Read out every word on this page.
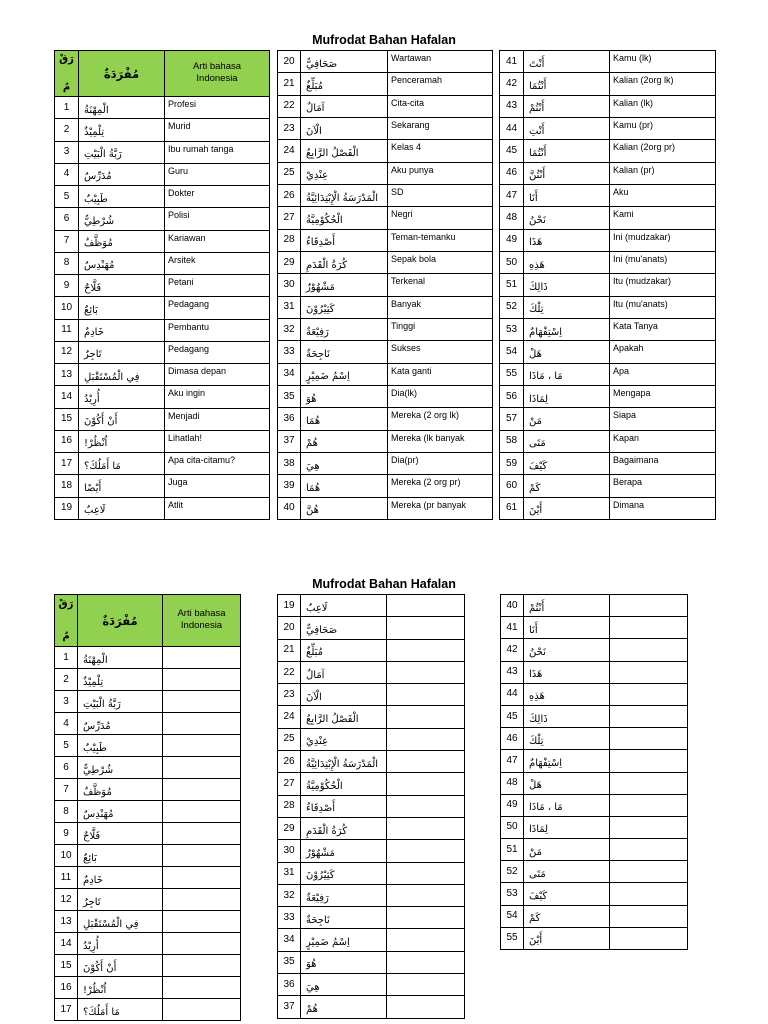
Mufrodat Bahan Hafalan
رَقْ
مٌ	مُفْرَدَةٌ	Arti bahasa Indonesia
1	الْمِهْنَةُ	Profesi
2	تِلْمِيْذٌ	Murid
3	رَبَّةُ الْبَيْتِ	Ibu rumah tanga
4	مُدَرِّسٌ	Guru
5	طَبِيْبٌ	Dokter
6	شُرْطِيٌّ	Polisi
7	مُوَظَّفٌ	Kariawan
8	مُهَنْدِسٌ	Arsitek
9	فَلَّاحٌ	Petani
10	بَائِعٌ	Pedagang
11	خَادِمٌ	Pembantu
12	تَاجِرٌ	Pedagang
13	فِي الْمُسْتَقْبَلِ	Dimasa depan
14	أُرِيْدُ	Aku ingin
15	أَنْ أَكُوْنَ	Menjadi
16	اُنْظُرْ!	Lihatlah!
17	مَا أَمَلُكَ؟	Apa cita-citamu?
18	أَيْضًا	Juga
19	لَاعِبٌ	Atlit
20	صَحَافِيٌّ	Wartawan
21	مُبَلِّغٌ	Penceramah
22	آمَالٌ	Cita-cita
23	الْآنَ	Sekarang
24	الْفَصْلُ الرَّابِعُ	Kelas 4
25	عِنْدِيْ	Aku punya
26	الْمَدْرَسَةُ الْإِبْتِدَائِيَّةُ	SD
27	الْحُكُوْمِيَّةُ	Negri
28	أَصْدِقَاءُ	Teman-temanku
29	كُرَةُ الْقَدَمِ	Sepak bola
30	مَشْهُوْرٌ	Terkenal
31	كَثِيْرُوْنَ	Banyak
32	رَفِيْعَةٌ	Tinggi
33	نَاجِحَةٌ	Sukses
34	اِسْمُ ضَمِيْرٍ	Kata ganti
35	هُوَ	Dia(lk)
36	هُمَا	Mereka (2 org lk)
37	هُمْ	Mereka (lk banyak
38	هِيَ	Dia(pr)
39	هُمَا	Mereka (2 org pr)
40	هُنَّ	Mereka (pr banyak
41	أَنْتَ	Kamu (lk)
42	أَنْتُمَا	Kalian (2org lk)
43	أَنْتُمْ	Kalian (lk)
44	أَنْتِ	Kamu (pr)
45	أَنْتُمَا	Kalian (2org pr)
46	أَنْتُنَّ	Kalian (pr)
47	أَنَا	Aku
48	نَحْنُ	Kami
49	هَذَا	Ini (mudzakar)
50	هَذِهِ	Ini (mu'anats)
51	ذَالِكَ	Itu (mudzakar)
52	تِلْكَ	Itu (mu'anats)
53	اِسْتِفْهَامٌ	Kata Tanya
54	هَلْ	Apakah
55	مَا ، مَاذَا	Apa
56	لِمَاذَا	Mengapa
57	مَنْ	Siapa
58	مَتَى	Kapan
59	كَيْفَ	Bagaimana
60	كَمْ	Berapa
61	أَيْنَ	Dimana
Mufrodat Bahan Hafalan
رَقْ
مٌ	مُفْرَدَةٌ	Arti bahasa Indonesia
1	الْمِهْنَةُ	
2	تِلْمِيْذٌ	
3	رَبَّةُ الْبَيْتِ	
4	مُدَرِّسٌ	
5	طَبِيْبٌ	
6	شُرْطِيٌّ	
7	مُوَظَّفٌ	
8	مُهَنْدِسٌ	
9	فَلَّاحٌ	
10	بَائِعٌ	
11	خَادِمٌ	
12	تَاجِرٌ	
13	فِي الْمُسْتَقْبَلِ	
14	أُرِيْدُ	
15	أَنْ أَكُوْنَ	
16	اُنْظُرْ!	
17	مَا أَمَلُكَ؟	
19	لَاعِبٌ	
20	صَحَافِيٌّ	
21	مُبَلِّغٌ	
22	آمَالٌ	
23	الْآنَ	
24	الْفَصْلُ الرَّابِعُ	
25	عِنْدِيْ	
26	الْمَدْرَسَةُ الْإِبْتِدَائِيَّةُ	
27	الْحُكُوْمِيَّةُ	
28	أَصْدِقَاءُ	
29	كُرَةُ الْقَدَمِ	
30	مَشْهُوْرٌ	
31	كَثِيْرُوْنَ	
32	رَفِيْعَةٌ	
33	نَاجِحَةٌ	
34	اِسْمُ ضَمِيْرٍ	
35	هُوَ	
36	هِيَ	
37	هُمْ	
40	أَنْتُمْ	
41	أَنَا	
42	نَحْنُ	
43	هَذَا	
44	هَذِهِ	
45	ذَالِكَ	
46	تِلْكَ	
47	اِسْتِفْهَامٌ	
48	هَلْ	
49	مَا ، مَاذَا	
50	لِمَاذَا	
51	مَنْ	
52	مَتَى	
53	كَيْفَ	
54	كَمْ	
55	أَيْنَ	
